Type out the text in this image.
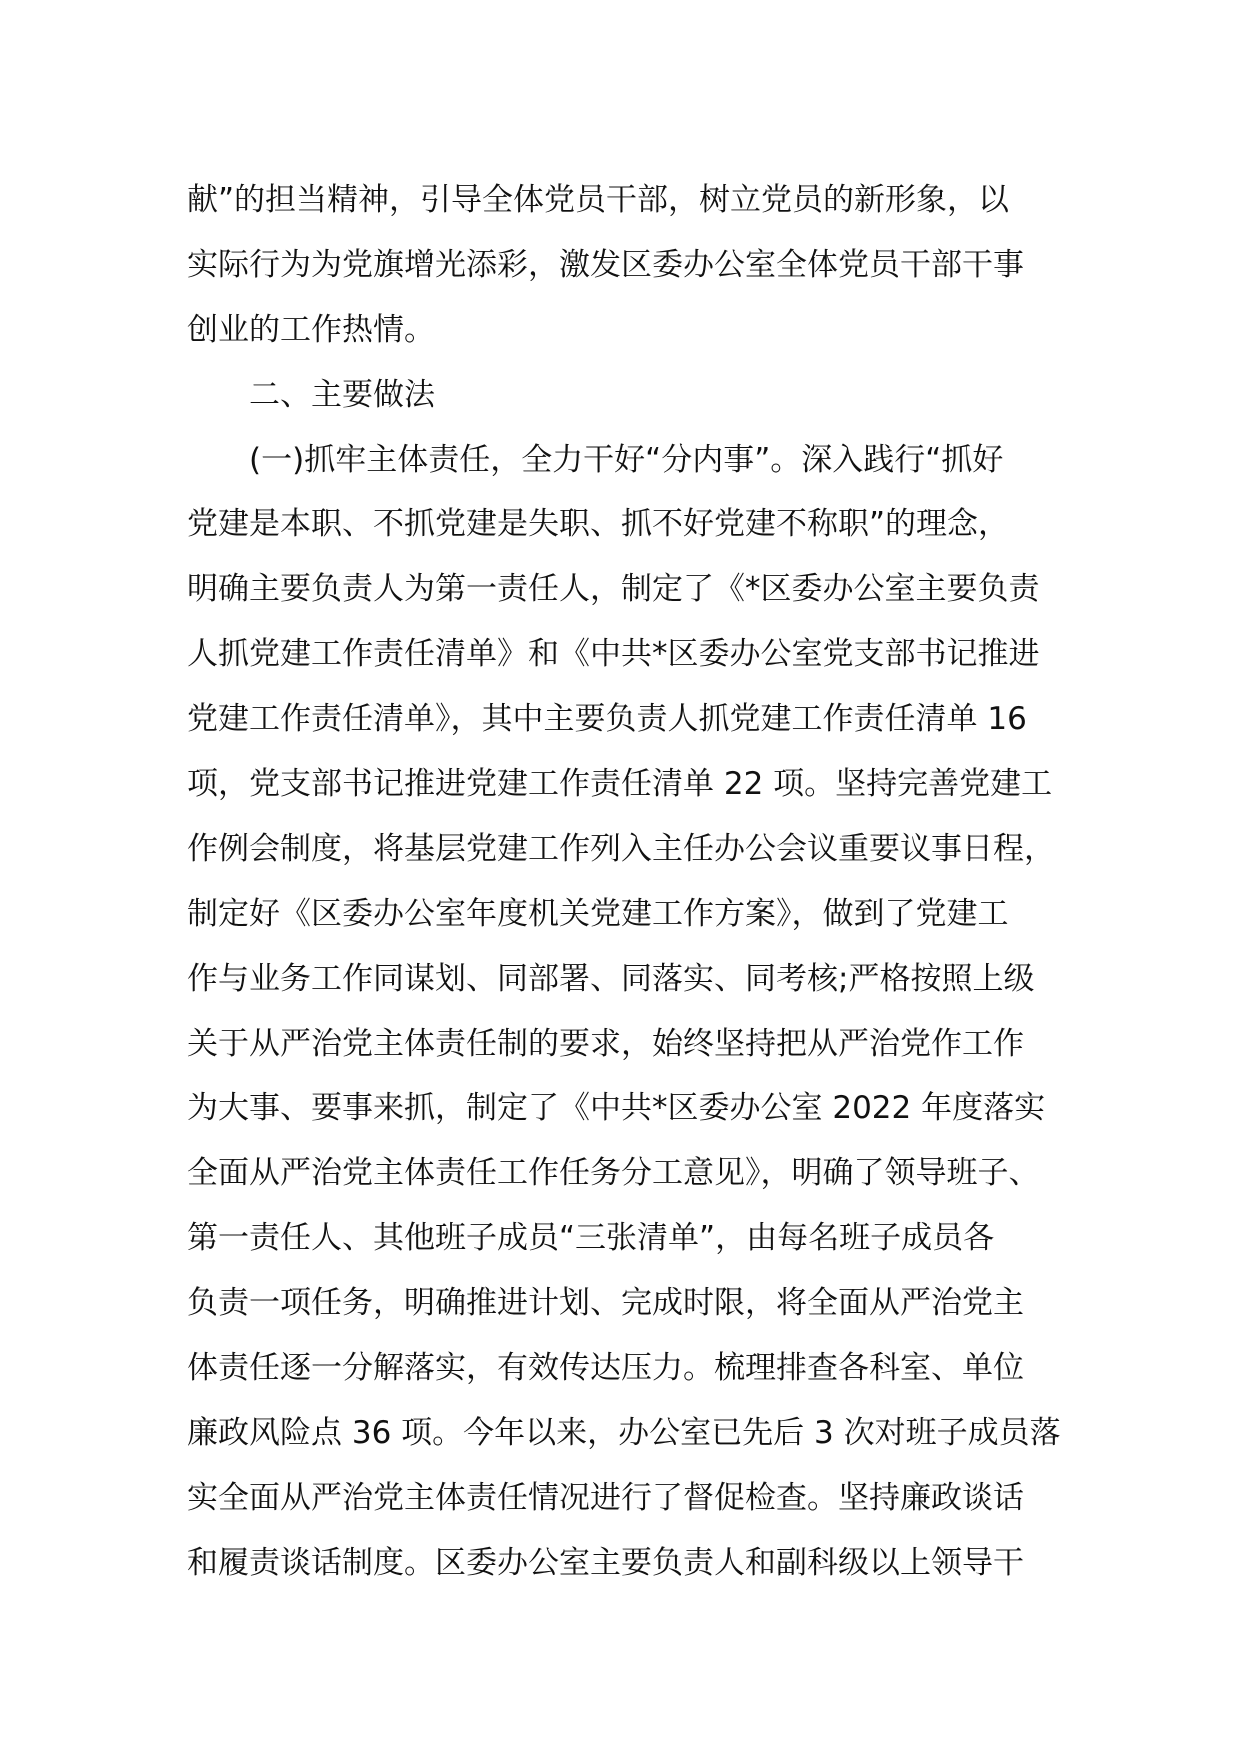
献”的担当精神，引导全体党员干部，树立党员的新形象，以
实际行为为党旗增光添彩，激发区委办公室全体党员干部干事
创业的工作热情。
二、主要做法
(一)抓牢主体责任，全力干好“分内事”。深入践行“抓好
党建是本职、不抓党建是失职、抓不好党建不称职”的理念，
明确主要负责人为第一责任人，制定了《*区委办公室主要负责
人抓党建工作责任清单》和《中共*区委办公室党支部书记推进
党建工作责任清单》，其中主要负责人抓党建工作责任清单 16
项，党支部书记推进党建工作责任清单 22 项。坚持完善党建工
作例会制度，将基层党建工作列入主任办公会议重要议事日程，
制定好《区委办公室年度机关党建工作方案》，做到了党建工
作与业务工作同谋划、同部署、同落实、同考核;严格按照上级
关于从严治党主体责任制的要求，始终坚持把从严治党作工作
为大事、要事来抓，制定了《中共*区委办公室 2022 年度落实
全面从严治党主体责任工作任务分工意见》，明确了领导班子、
第一责任人、其他班子成员“三张清单”，由每名班子成员各
负责一项任务，明确推进计划、完成时限，将全面从严治党主
体责任逐一分解落实，有效传达压力。梳理排查各科室、单位
廉政风险点 36 项。今年以来，办公室已先后 3 次对班子成员落
实全面从严治党主体责任情况进行了督促检查。坚持廉政谈话
和履责谈话制度。区委办公室主要负责人和副科级以上领导干
